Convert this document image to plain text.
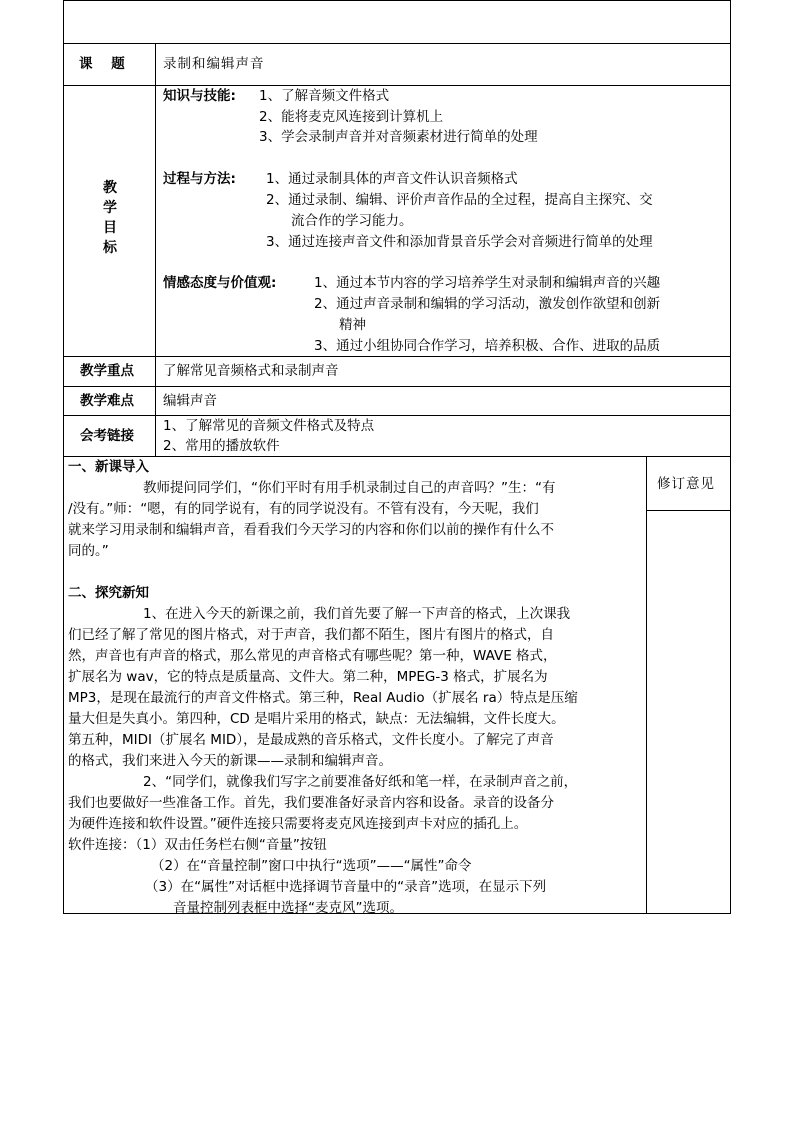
课    题	录制和编辑声音
教
学
目
标
知识与技能: 1、了解音频文件格式
2、能将麦克风连接到计算机上
3、学会录制声音并对音频素材进行简单的处理
过程与方法: 1、通过录制具体的声音文件认识音频格式
2、通过录制、编辑、评价声音作品的全过程，提高自主探究、交
流合作的学习能力。
3、通过连接声音文件和添加背景音乐学会对音频进行简单的处理
情感态度与价值观:	1、通过本节内容的学习培养学生对录制和编辑声音的兴趣
2、通过声音录制和编辑的学习活动，激发创作欲望和创新
精神
3、通过小组协同合作学习，培养积极、合作、进取的品质
教学重点 了解常见音频格式和录制声音
教学难点 编辑声音
会考链接
1、了解常见的音频文件格式及特点
2、常用的播放软件
修订意见
一、新课导入
教师提问同学们，“你们平时有用手机录制过自己的声音吗？”生：“有
/没有。”师：“嗯，有的同学说有，有的同学说没有。不管有没有，今天呢，我们
就来学习用录制和编辑声音，看看我们今天学习的内容和你们以前的操作有什么不
同的。”
二、探究新知
1、在进入今天的新课之前，我们首先要了解一下声音的格式，上次课我
们已经了解了常见的图片格式，对于声音，我们都不陌生，图片有图片的格式，自
然，声音也有声音的格式，那么常见的声音格式有哪些呢？第一种，WAVE 格式，
扩展名为 wav，它的特点是质量高、文件大。第二种，MPEG-3 格式，扩展名为
MP3，是现在最流行的声音文件格式。第三种，Real Audio（扩展名 ra）特点是压缩
量大但是失真小。第四种，CD 是唱片采用的格式，缺点：无法编辑，文件长度大。
第五种，MIDI（扩展名 MID），是最成熟的音乐格式，文件长度小。了解完了声音
的格式，我们来进入今天的新课——录制和编辑声音。
2、“同学们，就像我们写字之前要准备好纸和笔一样，在录制声音之前，
我们也要做好一些准备工作。首先，我们要准备好录音内容和设备。录音的设备分
为硬件连接和软件设置。”硬件连接只需要将麦克风连接到声卡对应的插孔上。
软件连接：（1）双击任务栏右侧“音量”按钮
（2）在“音量控制”窗口中执行“选项”——“属性”命令
（3）在“属性”对话框中选择调节音量中的“录音”选项，在显示下列
音量控制列表框中选择“麦克风”选项。
